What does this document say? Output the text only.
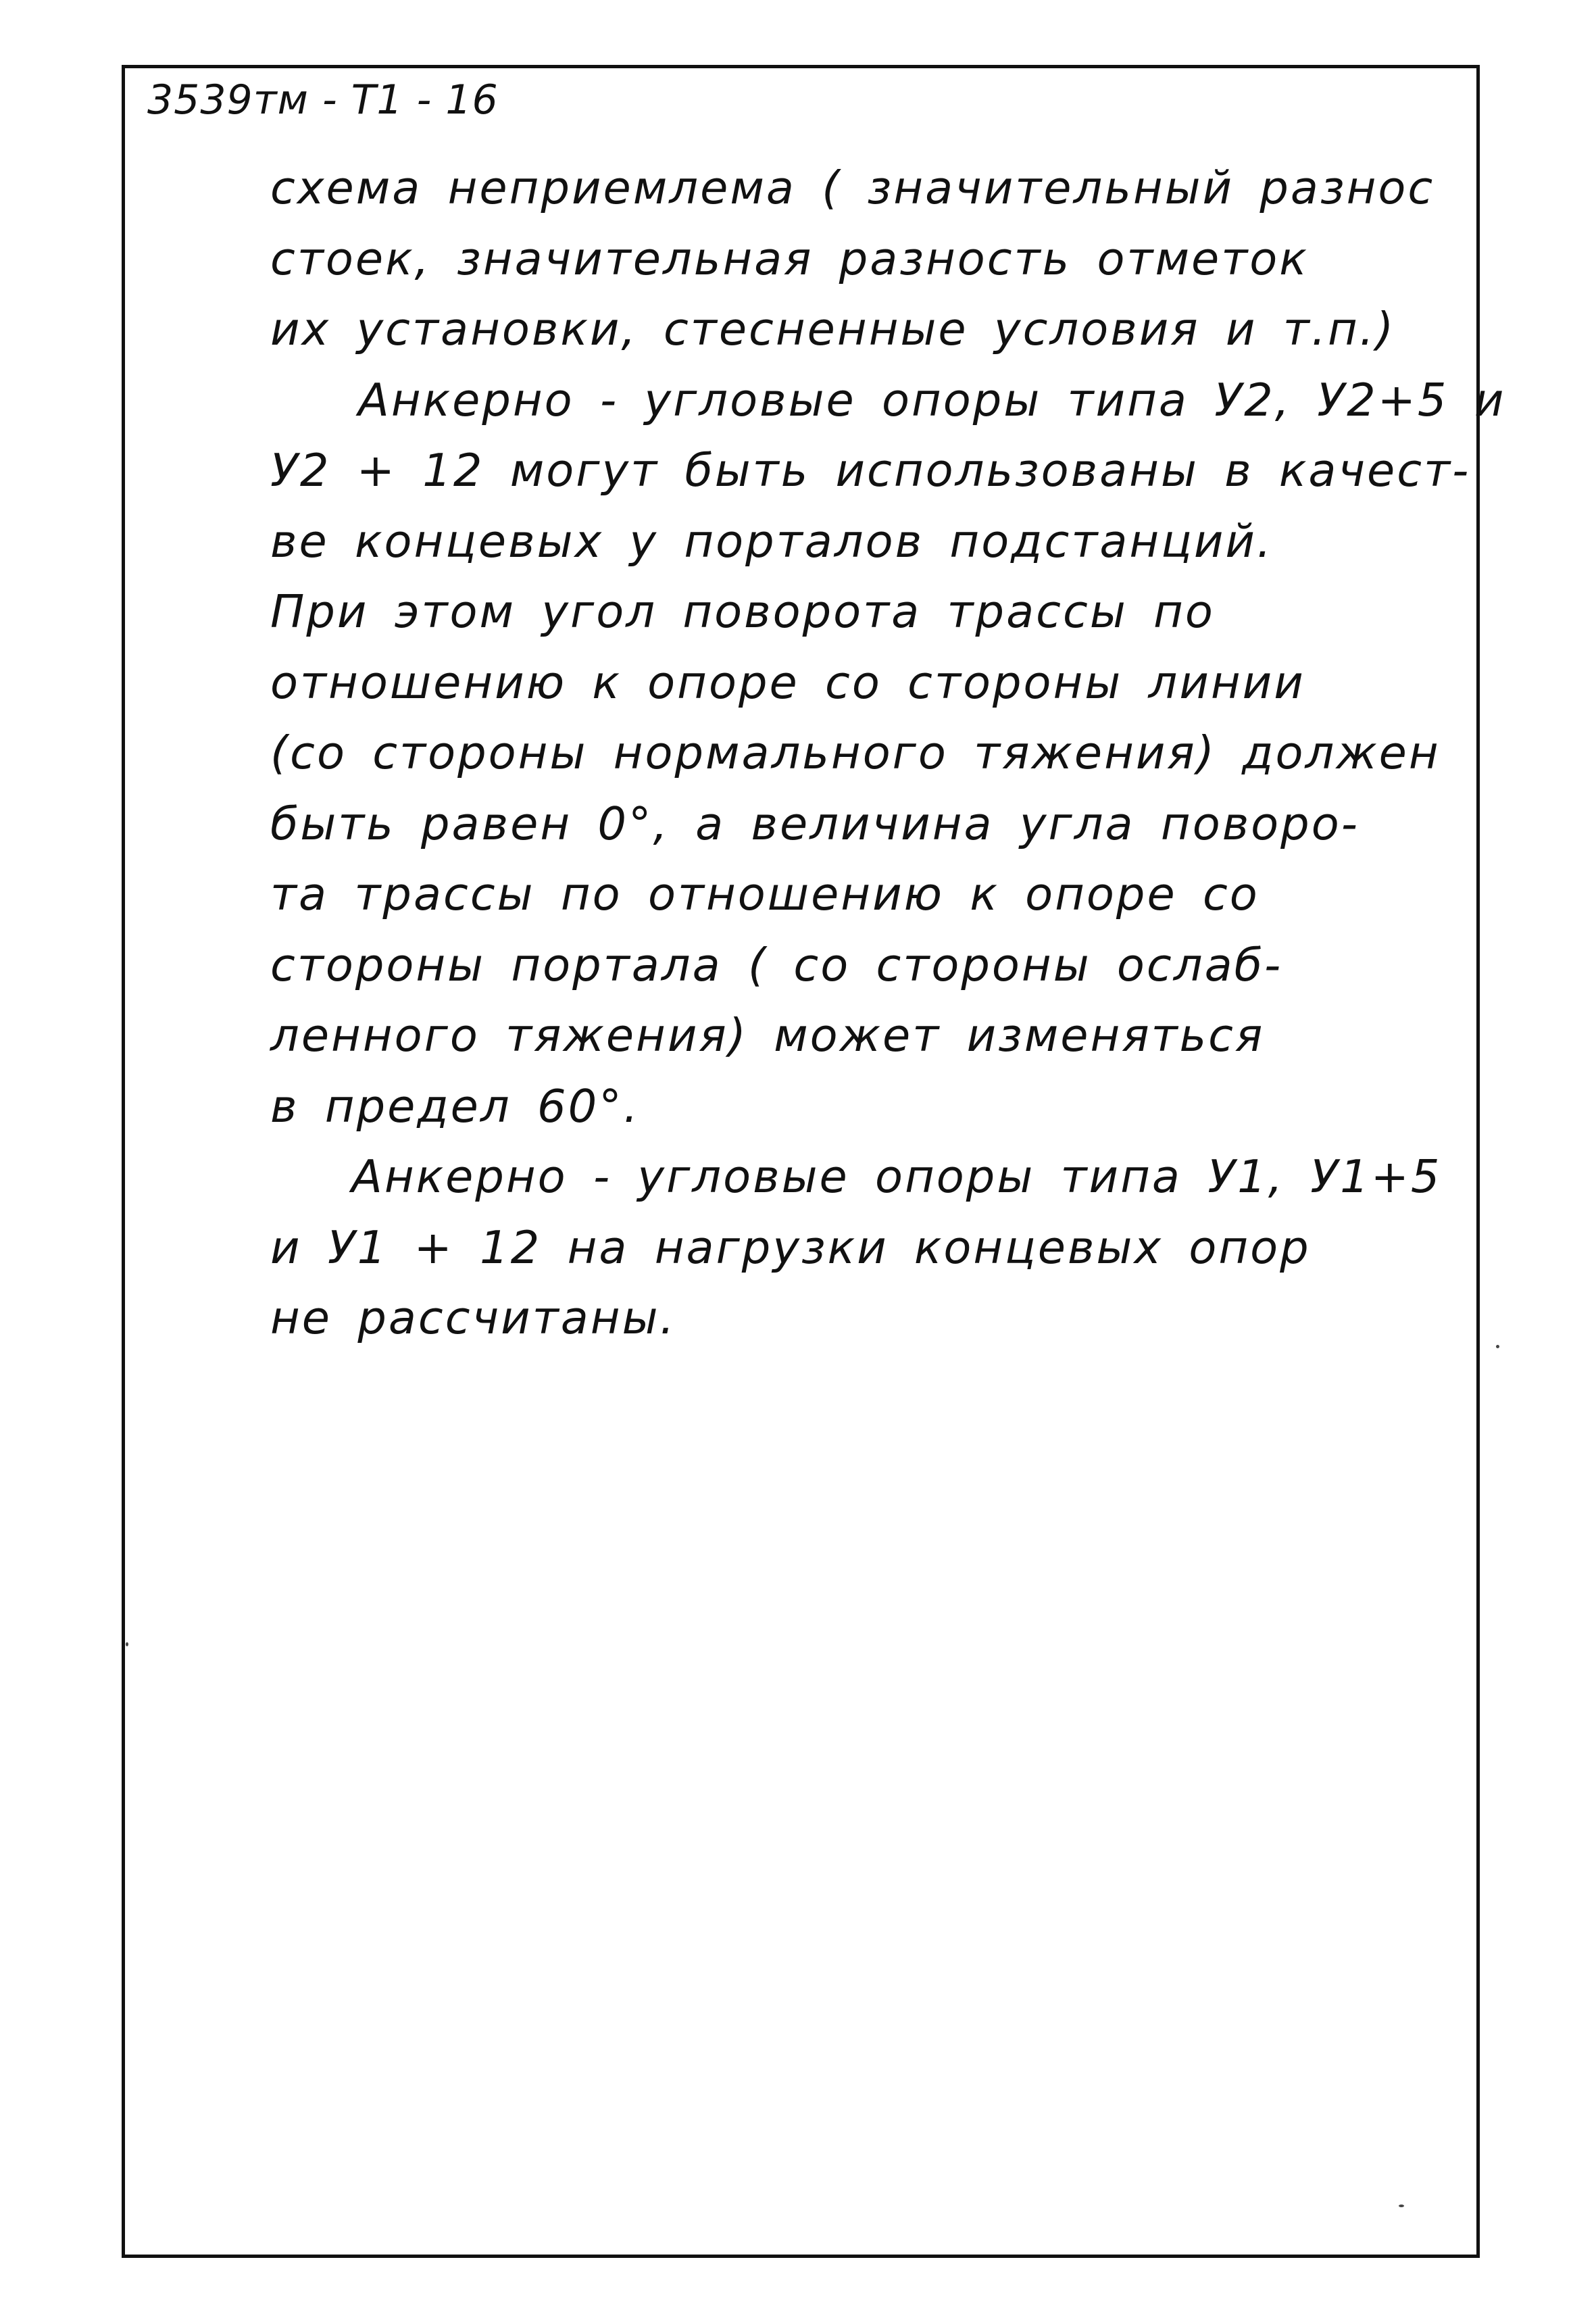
3539тм - Т1 - 16
схема неприемлема ( значительный разнос
стоек, значительная разность отметок
их установки, стесненные условия и т.п.)
Анкерно - угловые опоры типа У2, У2+5 и
У2 + 12 могут быть использованы в качест-
ве концевых у порталов подстанций.
При этом угол поворота трассы по
отношению к опоре со стороны линии
(со стороны нормального тяжения) должен
быть равен 0°, а величина угла поворо-
та трассы по отношению к опоре со
стороны портала ( со стороны ослаб-
ленного тяжения) может изменяться
в предел 60°.
Анкерно - угловые опоры типа У1, У1+5
и У1 + 12 на нагрузки концевых опор
не рассчитаны.
